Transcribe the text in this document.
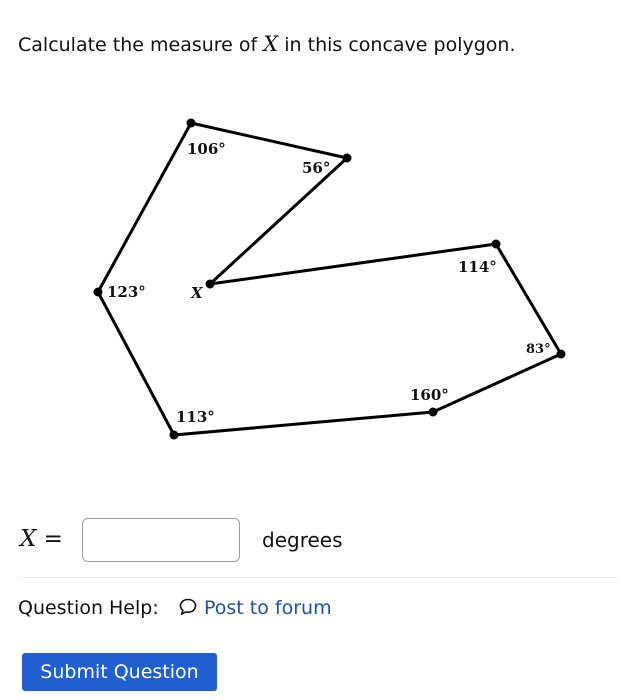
Calculate the measure of X in this concave polygon.
106°
56°
114°
83°
160°
113°
123°	X
X =	degrees
Question Help:	Post to forum
Submit Question
